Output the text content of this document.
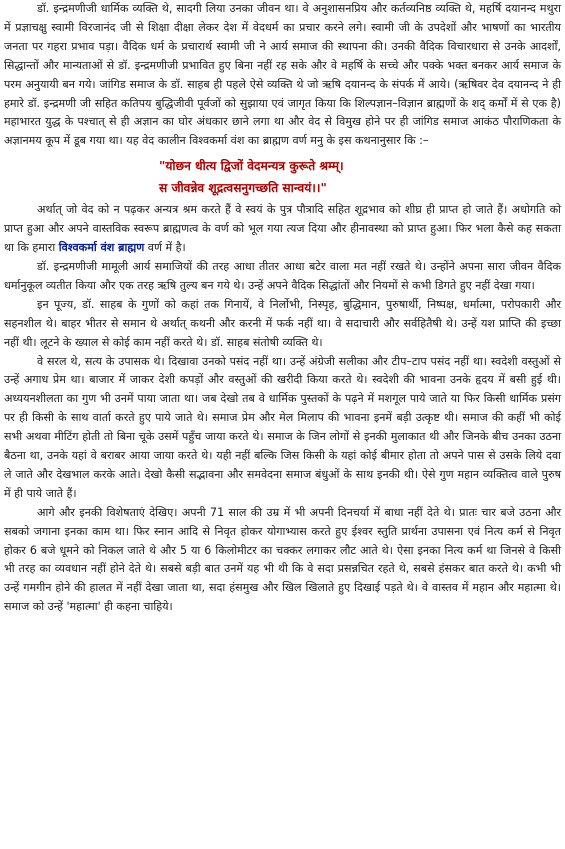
डॉ. इन्द्रमणीजी धार्मिक व्यक्ति थे, सादगी लिया उनका जीवन था। वे अनुशासनप्रिय और कर्तव्यनिष्ठ व्यक्ति थे, महर्षि दयानन्द मथुरा में प्रज्ञाचक्षु स्वामी विरजानंद जी से शिक्षा दीक्षा लेकर देश में वेदधर्म का प्रचार करने लगे। स्वामी जी के उपदेशों और भाषणों का भारतीय जनता पर गहरा प्रभाव पड़ा। वैदिक धर्म के प्रचारार्थ स्वामी जी ने आर्य समाज की स्थापना की। उनकी वैदिक विचारधारा से उनके आदर्शों, सिद्धान्तों और मान्यताओं से डॉ. इन्द्रमणीजी प्रभावित हुए बिना नहीं रह सके और वे महर्षि के सच्चे और पक्के भक्त बनकर आर्य समाज के परम अनुयायी बन गये। जांगिड समाज के डॉ. साहब ही पहले ऐसे व्यक्ति थे जो ऋषि दयानन्द के संपर्क में आये। (ऋषिवर देव दयानन्द ने ही हमारे डॉ. इन्द्रमणी जी सहित कतिपय बुद्धिजीवी पूर्वजों को सुझाया एवं जागृत किया कि शिल्पज्ञान–विज्ञान ब्राह्मणों के शद् कर्मों में से एक है) महाभारत युद्ध के पश्चात् से ही अज्ञान का घोर अंधकार छाने लगा था और वेद से विमुख होने पर ही जांगिड समाज आकंठ पौराणिकता के अज्ञानमय कूप में डूब गया था। यह वेद कालीन विश्वकर्मा वंश का ब्राह्मण वर्ण मनु के इस कथनानुसार कि :–

"योछन धीत्य द्विजों वेदमन्यत्र कुरूते श्रम्म्।
स जीवन्नेव शूद्रत्वसनुगच्छति सान्वयं।।"

अर्थात् जो वेद को न पढ़कर अन्यत्र श्रम करते हैं वे स्वयं के पुत्र पौत्रादि सहित शूद्रभाव को शीघ्र ही प्राप्त हो जाते हैं। अधोगति को प्राप्त हुआ और अपने वास्तविक स्वरूप ब्राह्मणत्व के वर्ण को भूल गया त्यज दिया और हीनावस्था को प्राप्त हुआ। फिर भला कैसे कह सकता था कि हमारा विश्वकर्मा वंश ब्राह्मण वर्ण में है।

डॉ. इन्द्रमणीजी मामूली आर्य समाजियों की तरह आधा तीतर आधा बटेर वाला मत नहीं रखते थे। उन्होंने अपना सारा जीवन वैदिक धर्मानुकूल व्यतीत किया और एक तरह ऋषि तुल्य बन गये थे। उन्हें अपने वैदिक सिद्धांतों और नियमों से कभी डिगते हुए नहीं देखा गया।

इन पूज्य, डॉ. साहब के गुणों को कहां तक गिनायें, वे निर्लोभी, निस्पृह, बुद्धिमान, पुरुषार्थी, निष्पक्ष, धर्मात्मा, परोपकारी और सहनशील थे। बाहर भीतर से समान थे अर्थात् कथनी और करनी में फर्क नहीं था। वे सदाचारी और सर्वहितैषी थे। उन्हें यश प्राप्ति की इच्छा नहीं थी। लूटने के ख्याल से कोई काम नहीं करते थे। डॉ. साहब संतोषी व्यक्ति थे।

वे सरल थे, सत्य के उपासक थे। दिखावा उनको पसंद नहीं था। उन्हें अंग्रेजी सलीका और टीप–टाप पसंद नहीं था। स्वदेशी वस्तुओं से उन्हें अगाध प्रेम था। बाजार में जाकर देशी कपड़ों और वस्तुओं की खरीदी किया करते थे। स्वदेशी की भावना उनके हृदय में बसी हुई थी। अध्ययनशीलता का गुण भी उनमें पाया जाता था। जब देखो तब वे धार्मिक पुस्तकों के पढ़ने में मशगूल पाये जाते या फिर किसी धार्मिक प्रसंग पर ही किसी के साथ वार्ता करते हुए पाये जाते थे। समाज प्रेम और मेल मिलाप की भावना इनमें बड़ी उत्कृष्ट थी। समाज की कहीं भी कोई सभी अथवा मीटिंग होती तो बिना चूके उसमें पहुँच जाया करते थे। समाज के जिन लोगों से इनकी मुलाकात थी और जिनके बीच उनका उठना बैठना था, उनके यहां वे बराबर आया जाया करते थे। यही नहीं बल्कि जिस किसी के यहां कोई बीमार होता तो अपने पास से उसके लिये दवा ले जाते और देखभाल करके आते। देखो कैसी सद्भावना और समवेदना समाज बंधुओं के साथ इनकी थी। ऐसे गुण महान व्यक्तित्व वाले पुरुष में ही पाये जाते हैं।

आगे और इनकी विशेषताएं देखिए। अपनी 71 साल की उम्र में भी अपनी दिनचर्या में बाधा नहीं देते थे। प्रातः चार बजे उठना और सबको जगाना इनका काम था। फिर स्नान आदि से निवृत होकर योगाभ्यास करते हुए ईश्वर स्तुति प्रार्थना उपासना एवं नित्य कर्म से निवृत होकर 6 बजे धूमने को निकल जाते थे और 5 या 6 किलोमीटर का चक्कर लगाकर लौट आते थे। ऐसा इनका नित्य कर्म था जिनसे वे किसी भी तरह का व्यवधान नहीं होने देते थे। सबसे बड़ी बात उनमें यह भी थी कि वे सदा प्रसन्नचित रहते थे, सबसे हंसकर बात करते थे। कभी भी उन्हें गमगीन होने की हालत में नहीं देखा जाता था, सदा हंसमुख और खिल खिलाते हुए दिखाई पड़ते थे। वे वास्तव में महान और महात्मा थे। समाज को उन्हें 'महात्मा' ही कहना चाहिये।
